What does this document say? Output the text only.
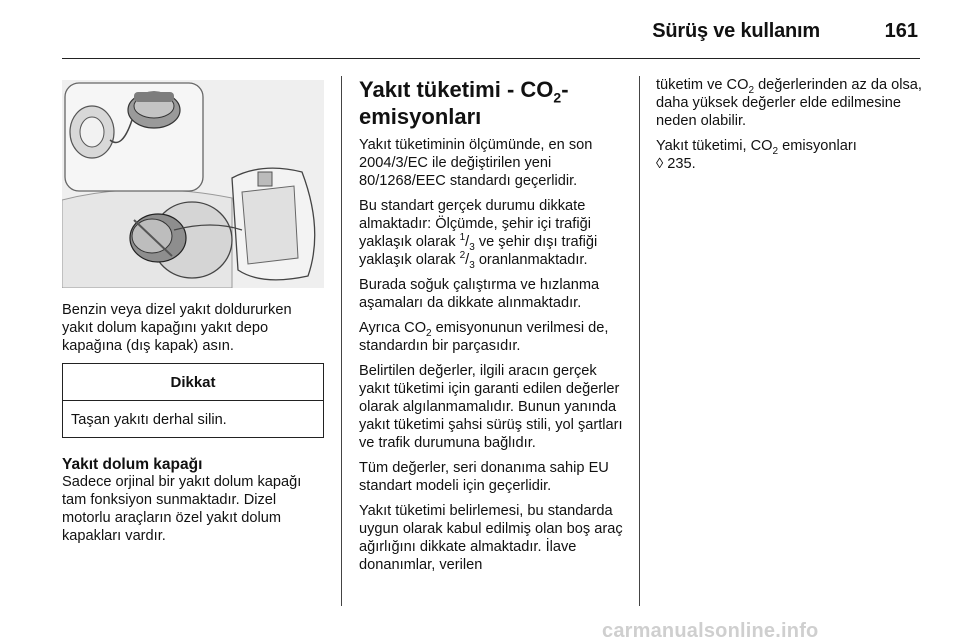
Sürüş ve kullanım	161

Benzin veya dizel yakıt doldururken yakıt dolum kapağını yakıt depo kapağına (dış kapak) asın.

Dikkat
Taşan yakıtı derhal silin.
Yakıt dolum kapağı

Sadece orjinal bir yakıt dolum kapağı tam fonksiyon sunmaktadır. Dizel motorlu araçların özel yakıt dolum kapakları vardır.

Yakıt tüketimi - $CO_2$-emisyonları

Yakıt tüketiminin ölçümünde, en son 2004/3/EC ile değiştirilen yeni 80/1268/EEC standardı geçerlidir.

Bu standart gerçek durumu dikkate almaktadır: Ölçümde, şehir içi trafiği yaklaşık olarak $^1/_3$ ve şehir dışı trafiği yaklaşık olarak $^2/_3$ oranlanmaktadır.

Burada soğuk çalıştırma ve hızlanma aşamaları da dikkate alınmaktadır.

Ayrıca $CO_2$ emisyonunun verilmesi de, standardın bir parçasıdır.

Belirtilen değerler, ilgili aracın gerçek yakıt tüketimi için garanti edilen değerler olarak algılanmamalıdır. Bunun yanında yakıt tüketimi şahsi sürüş stili, yol şartları ve trafik durumuna bağlıdır.

Tüm değerler, seri donanıma sahip EU standart modeli için geçerlidir.

Yakıt tüketimi belirlemesi, bu standarda uygun olarak kabul edilmiş olan boş araç ağırlığını dikkate almaktadır. İlave donanımlar, verilen

tüketim ve $CO_2$ değerlerinden az da olsa, daha yüksek değerler elde edilmesine neden olabilir.

Yakıt tüketimi, $CO_2$ emisyonları

◊ 235.

carmanualsonline.info
